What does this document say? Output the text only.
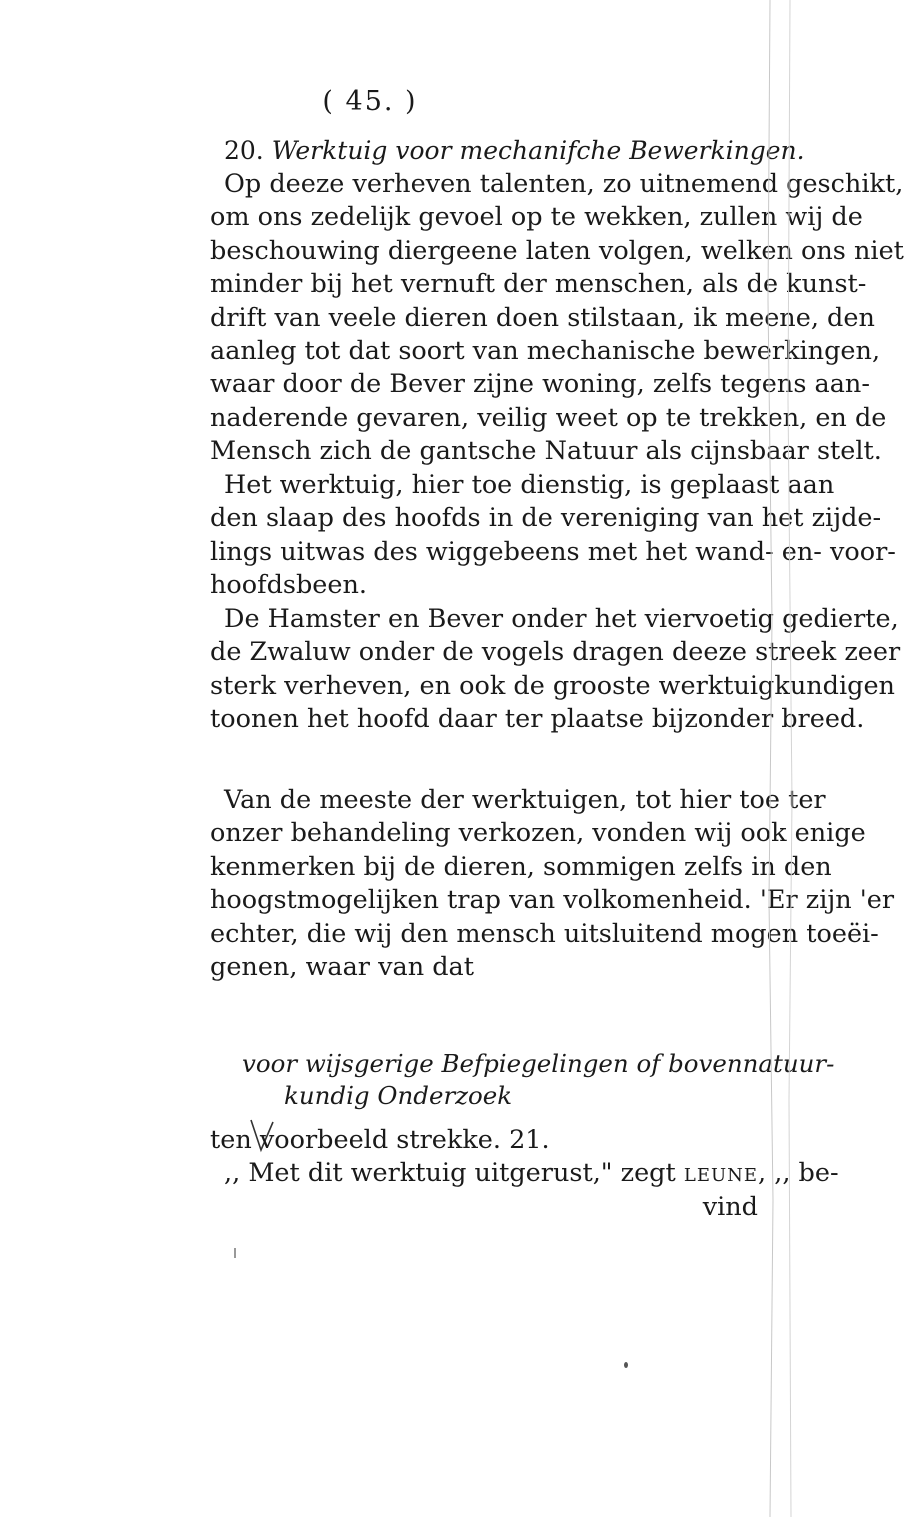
( 45. )
20. Werktuig voor mechanifche Bewerkingen.
Op deeze verheven talenten, zo uitnemend geschikt,
om ons zedelijk gevoel op te wekken, zullen wij de
beschouwing diergeene laten volgen, welken ons niet
minder bij het vernuft der menschen, als de kunst-
drift van veele dieren doen stilstaan, ik meene, den
aanleg tot dat soort van mechanische bewerkingen,
waar door de Bever zijne woning, zelfs tegens aan-
naderende gevaren, veilig weet op te trekken, en de
Mensch zich de gantsche Natuur als cijnsbaar stelt.
Het werktuig, hier toe dienstig, is geplaast aan
den slaap des hoofds in de vereniging van het zijde-
lings uitwas des wiggebeens met het wand- en- voor-
hoofdsbeen.
De Hamster en Bever onder het viervoetig gedierte,
de Zwaluw onder de vogels dragen deeze streek zeer
sterk verheven, en ook de grooste werktuigkundigen
toonen het hoofd daar ter plaatse bijzonder breed.
Van de meeste der werktuigen, tot hier toe ter
onzer behandeling verkozen, vonden wij ook enige
kenmerken bij de dieren, sommigen zelfs in den
hoogstmogelijken trap van volkomenheid. 'Er zijn 'er
echter, die wij den mensch uitsluitend mogen toeëi-
genen, waar van dat
voor wijsgerige Befpiegelingen of bovennatuur-
kundig Onderzoek
ten voorbeeld strekke. 21.
,, Met dit werktuig uitgerust," zegt leune, ,, be-
vind
